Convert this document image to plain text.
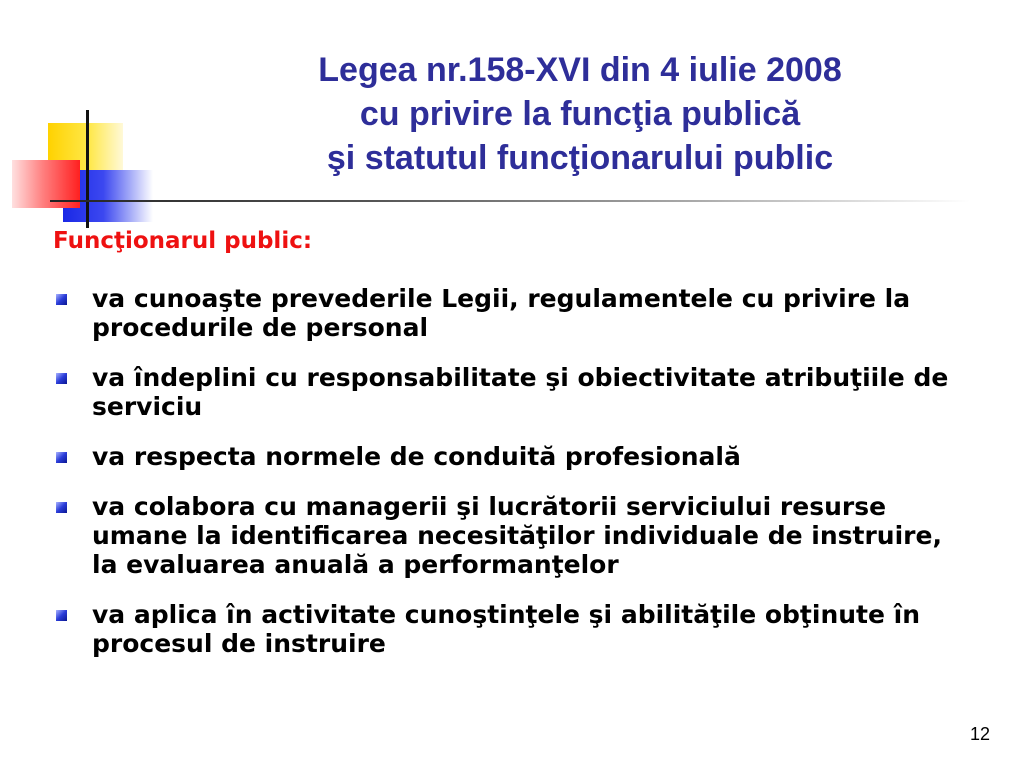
Legea nr.158-XVI din 4 iulie 2008
cu privire la funcţia publică
şi statutul funcţionarului public
Funcţionarul public:
va cunoaşte prevederile Legii, regulamentele cu privire la procedurile de personal
va îndeplini cu responsabilitate şi obiectivitate atribuţiile de serviciu
va respecta normele de conduită profesională
va colabora cu managerii şi lucrătorii serviciului resurse umane la identificarea necesităţilor individuale de instruire, la evaluarea anuală a performanţelor
va aplica în activitate cunoştinţele şi abilităţile obţinute în procesul de instruire
12
